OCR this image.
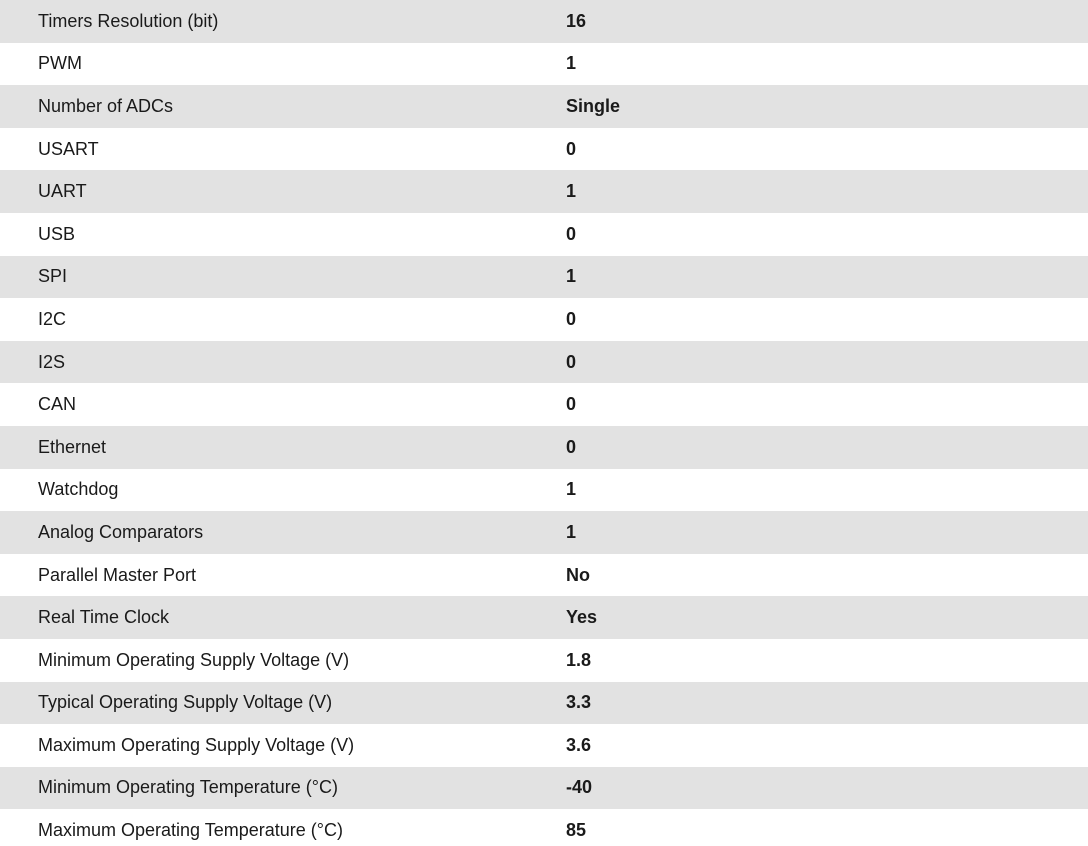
Timers Resolution (bit)	16
PWM	1
Number of ADCs	Single
USART	0
UART	1
USB	0
SPI	1
I2C	0
I2S	0
CAN	0
Ethernet	0
Watchdog	1
Analog Comparators	1
Parallel Master Port	No
Real Time Clock	Yes
Minimum Operating Supply Voltage (V)	1.8
Typical Operating Supply Voltage (V)	3.3
Maximum Operating Supply Voltage (V)	3.6
Minimum Operating Temperature (°C)	-40
Maximum Operating Temperature (°C)	85
